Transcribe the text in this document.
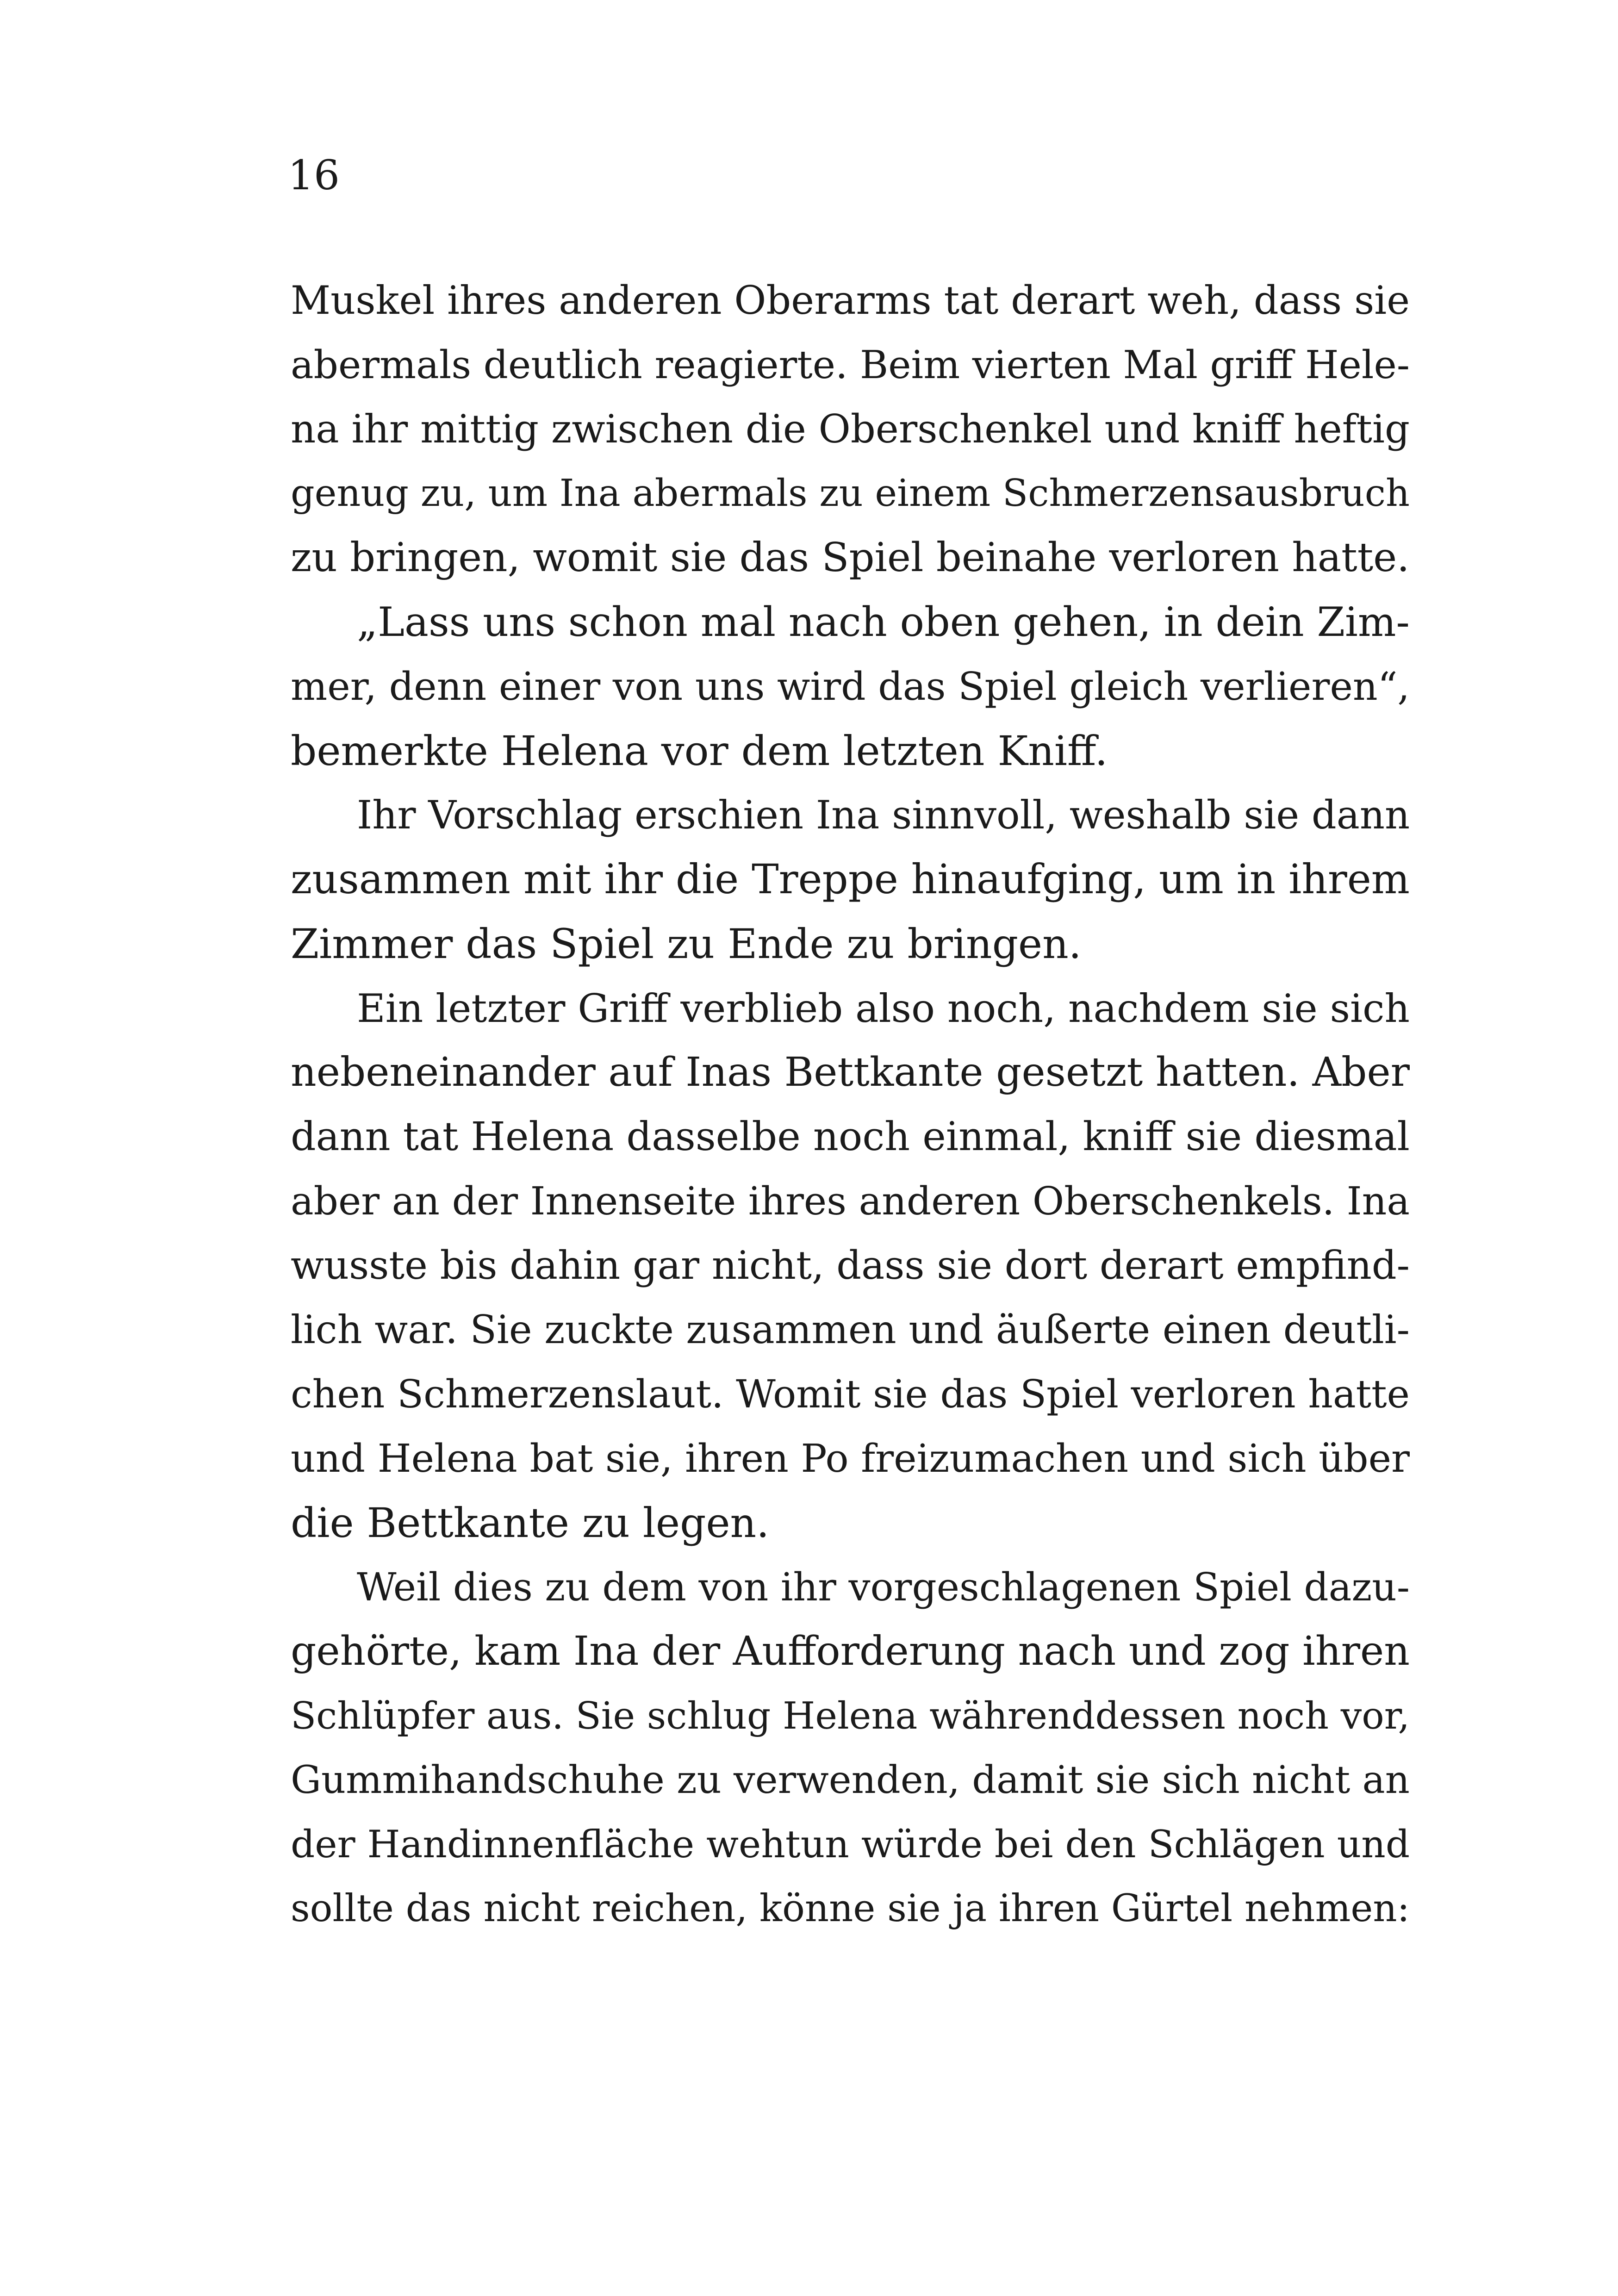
16
Muskel ihres anderen Oberarms tat derart weh, dass sie
abermals deutlich reagierte. Beim vierten Mal griff Hele-
na ihr mittig zwischen die Oberschenkel und kniff heftig
genug zu, um Ina abermals zu einem Schmerzensausbruch
zu bringen, womit sie das Spiel beinahe verloren hatte.
„Lass uns schon mal nach oben gehen, in dein Zim-
mer, denn einer von uns wird das Spiel gleich verlieren“,
bemerkte Helena vor dem letzten Kniff.
Ihr Vorschlag erschien Ina sinnvoll, weshalb sie dann
zusammen mit ihr die Treppe hinaufging, um in ihrem
Zimmer das Spiel zu Ende zu bringen.
Ein letzter Griff verblieb also noch, nachdem sie sich
nebeneinander auf Inas Bettkante gesetzt hatten. Aber
dann tat Helena dasselbe noch einmal, kniff sie diesmal
aber an der Innenseite ihres anderen Oberschenkels. Ina
wusste bis dahin gar nicht, dass sie dort derart empfind-
lich war. Sie zuckte zusammen und äußerte einen deutli-
chen Schmerzenslaut. Womit sie das Spiel verloren hatte
und Helena bat sie, ihren Po freizumachen und sich über
die Bettkante zu legen.
Weil dies zu dem von ihr vorgeschlagenen Spiel dazu-
gehörte, kam Ina der Aufforderung nach und zog ihren
Schlüpfer aus. Sie schlug Helena währenddessen noch vor,
Gummihandschuhe zu verwenden, damit sie sich nicht an
der Handinnenfläche wehtun würde bei den Schlägen und
sollte das nicht reichen, könne sie ja ihren Gürtel nehmen:
